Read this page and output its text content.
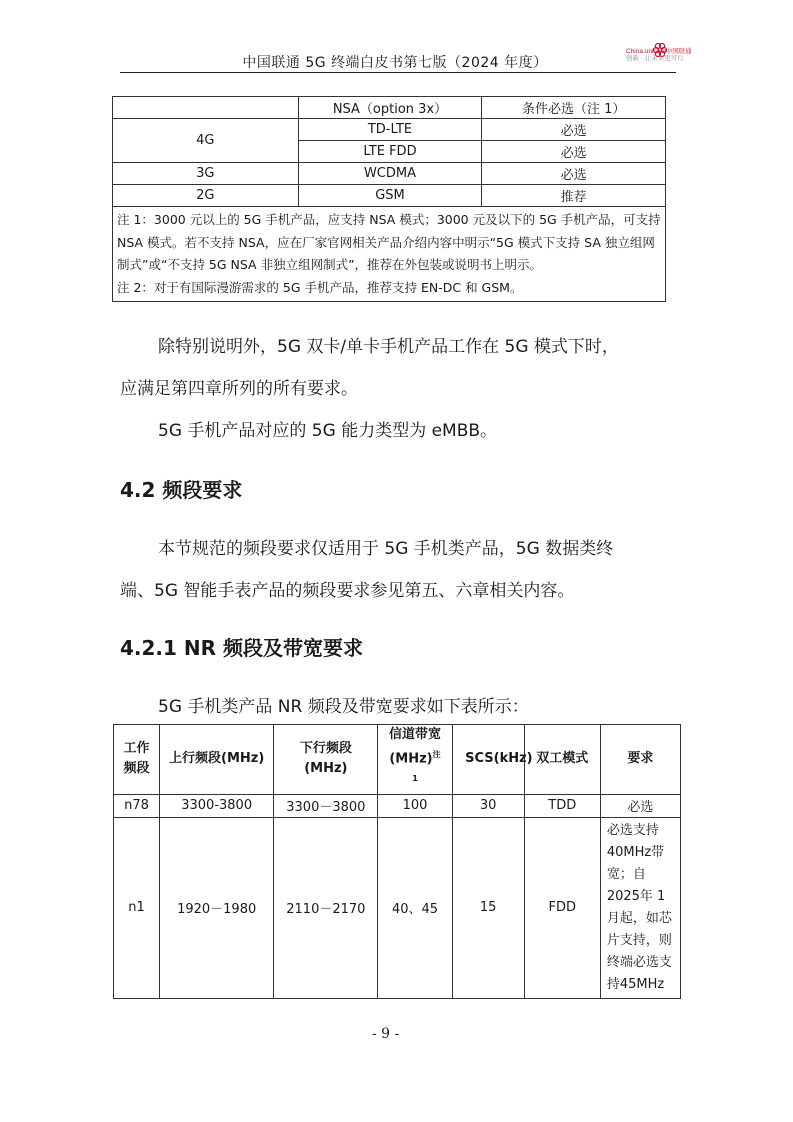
中国联通 5G 终端白皮书第七版（2024 年度）
China unicom中国联通
创新 · 让未来更可行
	NSA（option 3x）	条件必选（注 1）
4G	TD-LTE	必选
	LTE FDD	必选
3G	WCDMA	必选
2G	GSM	推荐

注 1：3000 元以上的 5G 手机产品，应支持 NSA 模式；3000 元及以下的 5G 手机产品，可支持 NSA 模式。若不支持 NSA，应在厂家官网相关产品介绍内容中明示“5G 模式下支持 SA 独立组网制式”或“不支持 5G NSA 非独立组网制式”，推荐在外包装或说明书上明示。
注 2：对于有国际漫游需求的 5G 手机产品，推荐支持 EN-DC 和 GSM。		
除特别说明外，5G 双卡/单卡手机产品工作在 5G 模式下时，
应满足第四章所列的所有要求。
5G 手机产品对应的 5G 能力类型为 eMBB。
4.2 频段要求
本节规范的频段要求仅适用于 5G 手机类产品，5G 数据类终
端、5G 智能手表产品的频段要求参见第五、六章相关内容。
4.2.1 NR 频段及带宽要求
5G 手机类产品 NR 频段及带宽要求如下表所示：
工作频段	上行频段(MHz)	下行频段(MHz)	信道带宽(MHz)$^{注 1}$	SCS(kHz)	双工模式	要求
n78	3300-3800	3300－3800	100	30	TDD	必选
n1	1920－1980	2110－2170	40、45	15	FDD	必选支持40MHz带宽；自 2025年 1 月起，如芯片支持，则终端必选支持45MHz
- 9 -
